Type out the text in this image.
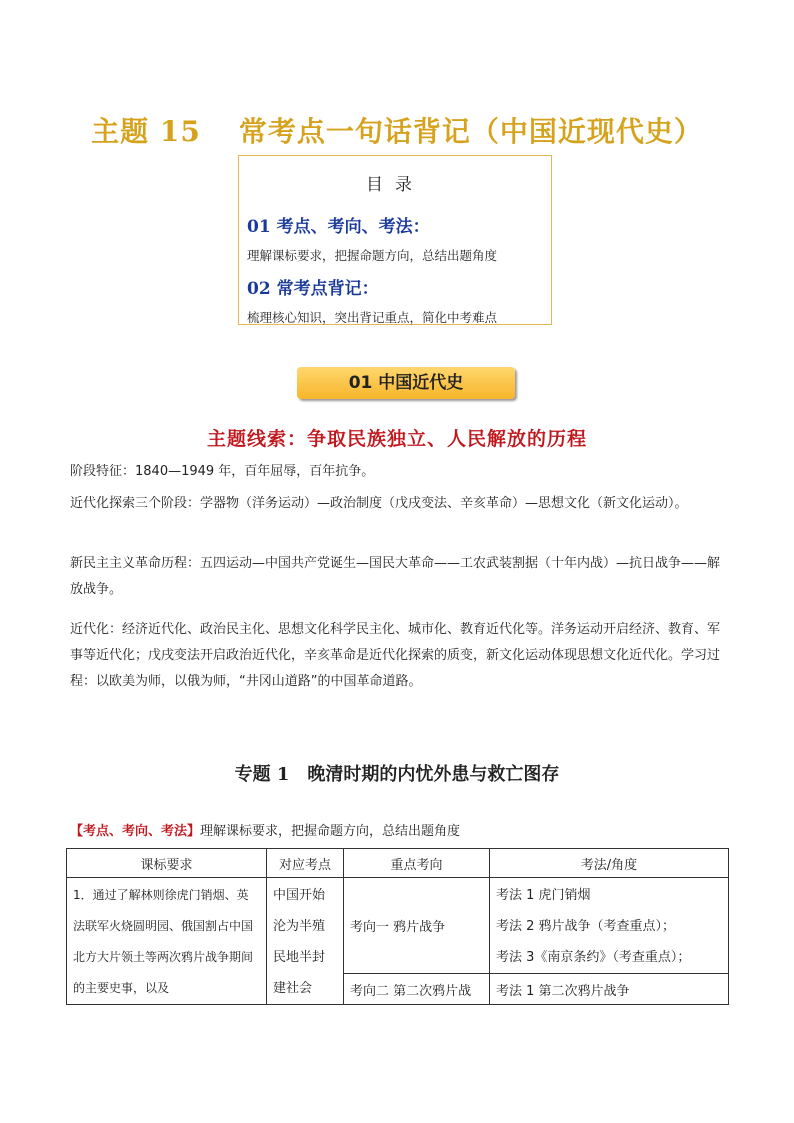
主题 15 常考点一句话背记（中国近现代史）
目录
01 考点、考向、考法：
理解课标要求，把握命题方向，总结出题角度
02 常考点背记：
梳理核心知识，突出背记重点，简化中考难点
01 中国近代史
主题线索：争取民族独立、人民解放的历程
阶段特征：1840—1949 年，百年屈辱，百年抗争。
近代化探索三个阶段：学器物（洋务运动）—政治制度（戊戌变法、辛亥革命）—思想文化（新文化运动）。
新民主主义革命历程：五四运动—中国共产党诞生—国民大革命——工农武装割据（十年内战）—抗日战争——解放战争。
近代化：经济近代化、政治民主化、思想文化科学民主化、城市化、教育近代化等。洋务运动开启经济、教育、军事等近代化；戊戌变法开启政治近代化，辛亥革命是近代化探索的质变，新文化运动体现思想文化近代化。学习过程：以欧美为师，以俄为师，“井冈山道路”的中国革命道路。
专题 1 晚清时期的内忧外患与救亡图存
【考点、考向、考法】理解课标要求，把握命题方向，总结出题角度
课标要求	对应考点	重点考向	考法/角度

1．通过了解林则徐虎门销烟、英法联军火烧圆明园、俄国割占中国北方大片领土等两次鸦片战争期间的主要史事，以及	中国开始沦为半殖民地半封建社会	考向一 鸦片战争	考法 1 虎门销烟
考法 2 鸦片战争（考查重点）；
考法 3《南京条约》（考查重点）；

		考向二 第二次鸦片战	考法 1 第二次鸦片战争
